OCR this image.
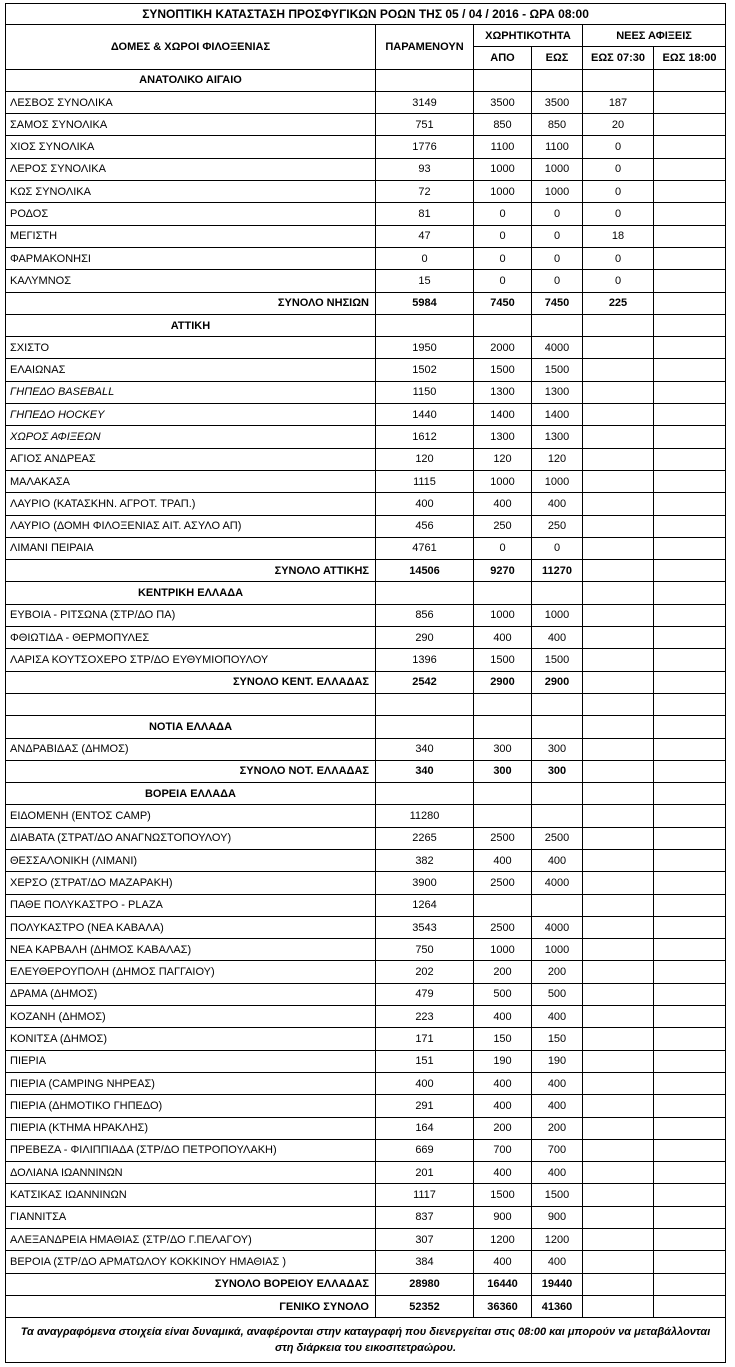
ΣΥΝΟΠΤΙΚΗ ΚΑΤΑΣΤΑΣΗ ΠΡΟΣΦΥΓΙΚΩΝ ΡΟΩΝ ΤΗΣ 05 / 04 / 2016 - ΩΡΑ 08:00					
ΔΟΜΕΣ & ΧΩΡΟΙ ΦΙΛΟΞΕΝΙΑΣ	ΠΑΡΑΜΕΝΟΥΝ	ΧΩΡΗΤΙΚΟΤΗΤΑ		ΝΕΕΣ ΑΦΙΞΕΙΣ	
		ΑΠΟ	ΕΩΣ	ΕΩΣ 07:30	ΕΩΣ 18:00
ΑΝΑΤΟΛΙΚΟ ΑΙΓΑΙΟ					
ΛΕΣΒΟΣ ΣΥΝΟΛΙΚΑ	3149	3500	3500	187	
ΣΑΜΟΣ ΣΥΝΟΛΙΚΑ	751	850	850	20	
ΧΙΟΣ ΣΥΝΟΛΙΚΑ	1776	1100	1100	0	
ΛΕΡΟΣ ΣΥΝΟΛΙΚΑ	93	1000	1000	0	
ΚΩΣ ΣΥΝΟΛΙΚΑ	72	1000	1000	0	
ΡΟΔΟΣ	81	0	0	0	
ΜΕΓΙΣΤΗ	47	0	0	18	
ΦΑΡΜΑΚΟΝΗΣΙ	0	0	0	0	
ΚΑΛΥΜΝΟΣ	15	0	0	0	
ΣΥΝΟΛΟ ΝΗΣΙΩΝ	5984	7450	7450	225	
ΑΤΤΙΚΗ					
ΣΧΙΣΤΟ	1950	2000	4000		
ΕΛΑΙΩΝΑΣ	1502	1500	1500		
ΓΗΠΕΔΟ BASEBALL	1150	1300	1300		
ΓΗΠΕΔΟ HOCKEY	1440	1400	1400		
ΧΩΡΟΣ ΑΦΙΞΕΩΝ	1612	1300	1300		
ΑΓΙΟΣ ΑΝΔΡΕΑΣ	120	120	120		
ΜΑΛΑΚΑΣΑ	1115	1000	1000		
ΛΑΥΡΙΟ (ΚΑΤΑΣΚΗΝ. ΑΓΡΟΤ. ΤΡΑΠ.)	400	400	400		
ΛΑΥΡΙΟ (ΔΟΜΗ ΦΙΛΟΞΕΝΙΑΣ ΑΙΤ. ΑΣΥΛΟ ΑΠ)	456	250	250		
ΛΙΜΑΝΙ ΠΕΙΡΑΙΑ	4761	0	0		
ΣΥΝΟΛΟ ΑΤΤΙΚΗΣ	14506	9270	11270		
ΚΕΝΤΡΙΚΗ ΕΛΛΑΔΑ					
ΕΥΒΟΙΑ - ΡΙΤΣΩΝΑ (ΣΤΡ/ΔΟ ΠΑ)	856	1000	1000		
ΦΘΙΩΤΙΔΑ - ΘΕΡΜΟΠΥΛΕΣ	290	400	400		
ΛΑΡΙΣΑ ΚΟΥΤΣΟΧΕΡΟ ΣΤΡ/ΔΟ ΕΥΘΥΜΙΟΠΟΥΛΟΥ	1396	1500	1500		
ΣΥΝΟΛΟ ΚΕΝΤ. ΕΛΛΑΔΑΣ	2542	2900	2900		

ΝΟΤΙΑ ΕΛΛΑΔΑ					
ΑΝΔΡΑΒΙΔΑΣ (ΔΗΜΟΣ)	340	300	300		
ΣΥΝΟΛΟ ΝΟΤ. ΕΛΛΑΔΑΣ	340	300	300		
ΒΟΡΕΙΑ ΕΛΛΑΔΑ					
ΕΙΔΟΜΕΝΗ (ΕΝΤΟΣ CAMP)	11280				
ΔΙΑΒΑΤΑ (ΣΤΡΑΤ/ΔΟ ΑΝΑΓΝΩΣΤΟΠΟΥΛΟΥ)	2265	2500	2500		
ΘΕΣΣΑΛΟΝΙΚΗ (ΛΙΜΑΝΙ)	382	400	400		
ΧΕΡΣΟ (ΣΤΡΑΤ/ΔΟ ΜΑΖΑΡΑΚΗ)	3900	2500	4000		
ΠΑΘΕ ΠΟΛΥΚΑΣΤΡΟ - PLAZA	1264				
ΠΟΛΥΚΑΣΤΡΟ (ΝΕΑ ΚΑΒΑΛΑ)	3543	2500	4000		
ΝΕΑ ΚΑΡΒΑΛΗ (ΔΗΜΟΣ ΚΑΒΑΛΑΣ)	750	1000	1000		
ΕΛΕΥΘΕΡΟΥΠΟΛΗ (ΔΗΜΟΣ ΠΑΓΓΑΙΟΥ)	202	200	200		
ΔΡΑΜΑ (ΔΗΜΟΣ)	479	500	500		
ΚΟΖΑΝΗ (ΔΗΜΟΣ)	223	400	400		
ΚΟΝΙΤΣΑ (ΔΗΜΟΣ)	171	150	150		
ΠΙΕΡΙΑ	151	190	190		
ΠΙΕΡΙΑ (CAMPING ΝΗΡΕΑΣ)	400	400	400		
ΠΙΕΡΙΑ (ΔΗΜΟΤΙΚΟ ΓΗΠΕΔΟ)	291	400	400		
ΠΙΕΡΙΑ (ΚΤΗΜΑ ΗΡΑΚΛΗΣ)	164	200	200		
ΠΡΕΒΕΖΑ - ΦΙΛΙΠΠΙΑΔΑ (ΣΤΡ/ΔΟ ΠΕΤΡΟΠΟΥΛΑΚΗ)	669	700	700		
ΔΟΛΙΑΝΑ ΙΩΑΝΝΙΝΩΝ	201	400	400		
ΚΑΤΣΙΚΑΣ ΙΩΑΝΝΙΝΩΝ	1117	1500	1500		
ΓΙΑΝΝΙΤΣΑ	837	900	900		
ΑΛΕΞΑΝΔΡΕΙΑ ΗΜΑΘΙΑΣ (ΣΤΡ/ΔΟ Γ.ΠΕΛΑΓΟΥ)	307	1200	1200		
ΒΕΡΟΙΑ (ΣΤΡ/ΔΟ ΑΡΜΑΤΩΛΟΥ ΚΟΚΚΙΝΟΥ ΗΜΑΘΙΑΣ )	384	400	400		
ΣΥΝΟΛΟ ΒΟΡΕΙΟΥ ΕΛΛΑΔΑΣ	28980	16440	19440		
ΓΕΝΙΚΟ ΣΥΝΟΛΟ	52352	36360	41360		
Τα αναγραφόμενα στοιχεία είναι δυναμικά, αναφέρονται στην καταγραφή που διενεργείται στις 08:00 και μπορούν να μεταβάλλονται στη διάρκεια του εικοσιτετραώρου.					
